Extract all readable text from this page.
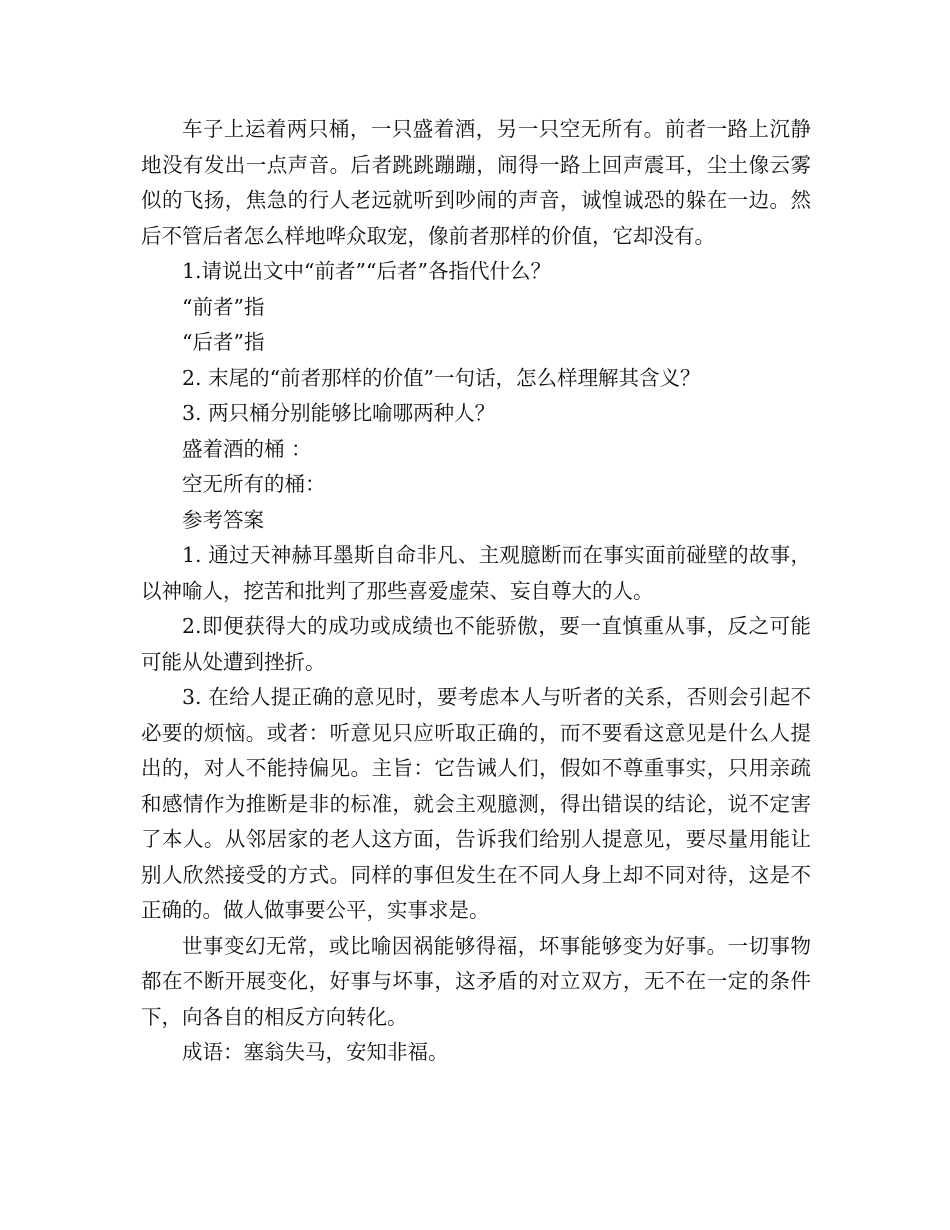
车子上运着两只桶，一只盛着酒，另一只空无所有。前者一路上沉静地没有发出一点声音。后者跳跳蹦蹦，闹得一路上回声震耳，尘土像云雾似的飞扬，焦急的行人老远就听到吵闹的声音，诚惶诚恐的躲在一边。然后不管后者怎么样地哗众取宠，像前者那样的价值，它却没有。

1.请说出文中“前者”“后者”各指代什么？

“前者”指

“后者”指

2. 末尾的“前者那样的价值”一句话，怎么样理解其含义？

3. 两只桶分别能够比喻哪两种人？

盛着酒的桶 ：

空无所有的桶：

参考答案

1. 通过天神赫耳墨斯自命非凡、主观臆断而在事实面前碰壁的故事，以神喻人，挖苦和批判了那些喜爱虚荣、妄自尊大的人。

2.即便获得大的成功或成绩也不能骄傲，要一直慎重从事，反之可能可能从处遭到挫折。

3. 在给人提正确的意见时，要考虑本人与听者的关系，否则会引起不必要的烦恼。或者：听意见只应听取正确的，而不要看这意见是什么人提出的，对人不能持偏见。主旨：它告诫人们，假如不尊重事实，只用亲疏和感情作为推断是非的标准，就会主观臆测，得出错误的结论，说不定害了本人。从邻居家的老人这方面，告诉我们给别人提意见，要尽量用能让别人欣然接受的方式。同样的事但发生在不同人身上却不同对待，这是不正确的。做人做事要公平，实事求是。

世事变幻无常，或比喻因祸能够得福，坏事能够变为好事。一切事物都在不断开展变化，好事与坏事，这矛盾的对立双方，无不在一定的条件下，向各自的相反方向转化。

成语：塞翁失马，安知非福。
